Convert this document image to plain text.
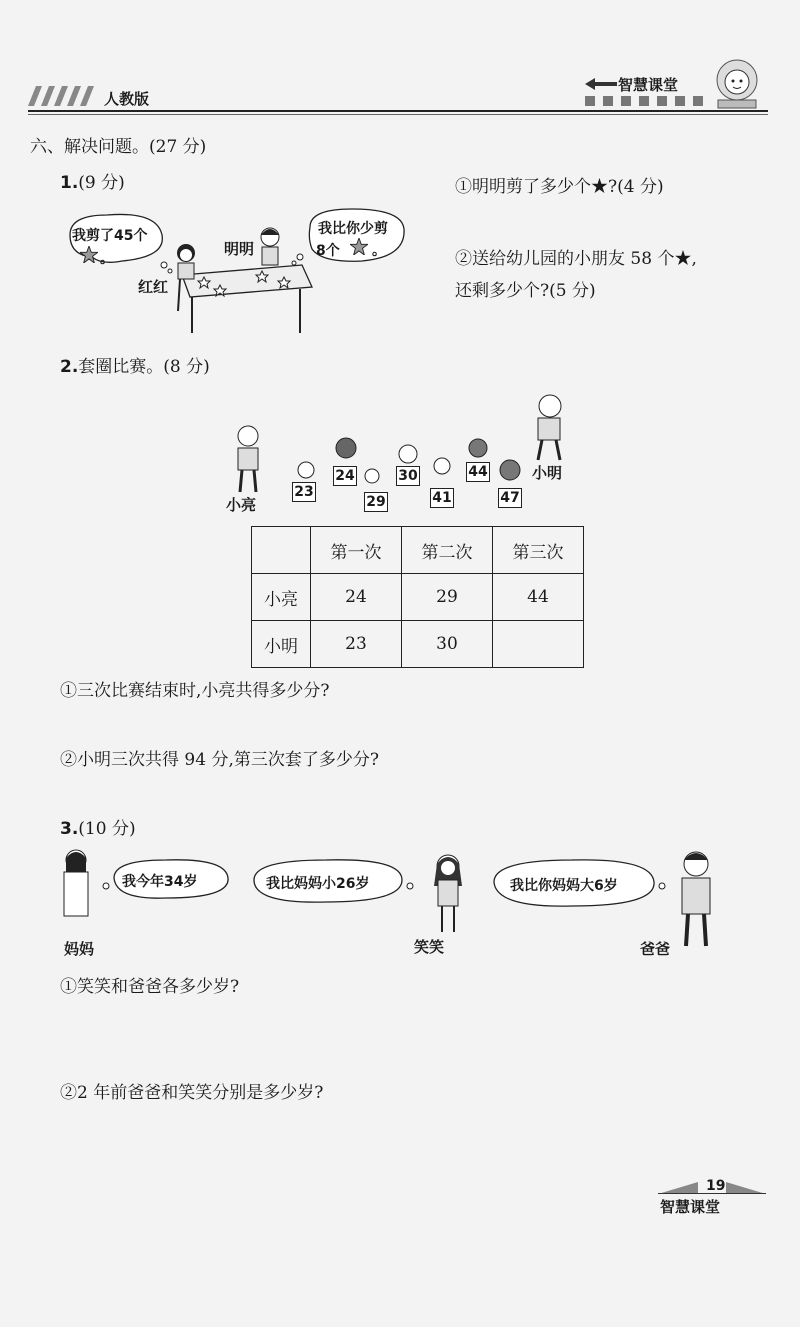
人教版
智慧课堂
六、解决问题。(27 分)
1.(9 分)
我剪了45个
。
我比你少剪
8个 。
红红
明明
①明明剪了多少个★?(4 分)
②送给幼儿园的小朋友 58 个★,
还剩多少个?(5 分)
2.套圈比赛。(8 分)
23
24
29
30
41
44
47
小亮
小明
	第一次	第二次	第三次
小亮	24	29	44
小明	23	30	
①三次比赛结束时,小亮共得多少分?
②小明三次共得 94 分,第三次套了多少分?
3.(10 分)
我今年34岁	我比妈妈小26岁	我比你妈妈大6岁
妈妈	笑笑	爸爸
①笑笑和爸爸各多少岁?
②2 年前爸爸和笑笑分别是多少岁?
19
智慧课堂
